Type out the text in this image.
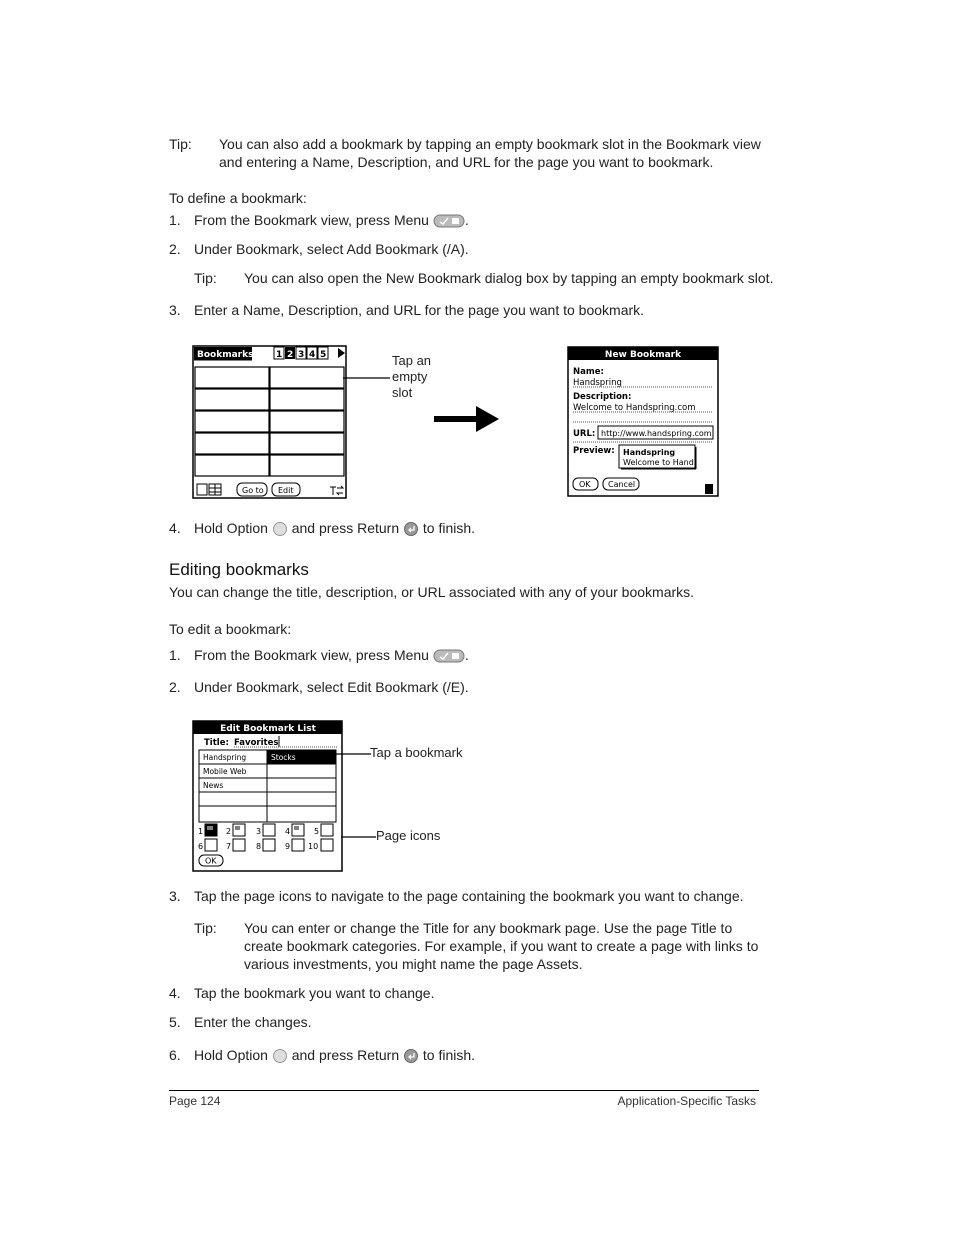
Tip: You can also add a bookmark by tapping an empty bookmark slot in the Bookmark view
and entering a Name, Description, and URL for the page you want to bookmark.
To define a bookmark:
1. From the Bookmark view, press Menu	.
2. Under Bookmark, select Add Bookmark (/A).
Tip: You can also open the New Bookmark dialog box by tapping an empty bookmark slot.
3. Enter a Name, Description, and URL for the page you want to bookmark.
Bookmarks	1 2 3 4 5
Go to Edit
Tap an
empty
slot
New Bookmark
Name:
Handspring
Description:
Welcome to Handspring.com
URL: http://www.handspring.com
Preview: Handspring
Welcome to Hand
OK Cancel
4. Hold Option and press Return to finish.
Editing bookmarks
You can change the title, description, or URL associated with any of your bookmarks.
To edit a bookmark:
1. From the Bookmark view, press Menu	.
2. Under Bookmark, select Edit Bookmark (/E).
Edit Bookmark List
Title: Favorites
Handspring	Stocks
Mobile Web
News
1	2	3	4	5
6	7	8	9 10
OK
Tap a bookmark
Page icons
3. Tap the page icons to navigate to the page containing the bookmark you want to change.
Tip: You can enter or change the Title for any bookmark page. Use the page Title to
create bookmark categories. For example, if you want to create a page with links to
various investments, you might name the page Assets.
4. Tap the bookmark you want to change.
5. Enter the changes.
6. Hold Option and press Return to finish.
Page 124	Application-Specific Tasks
